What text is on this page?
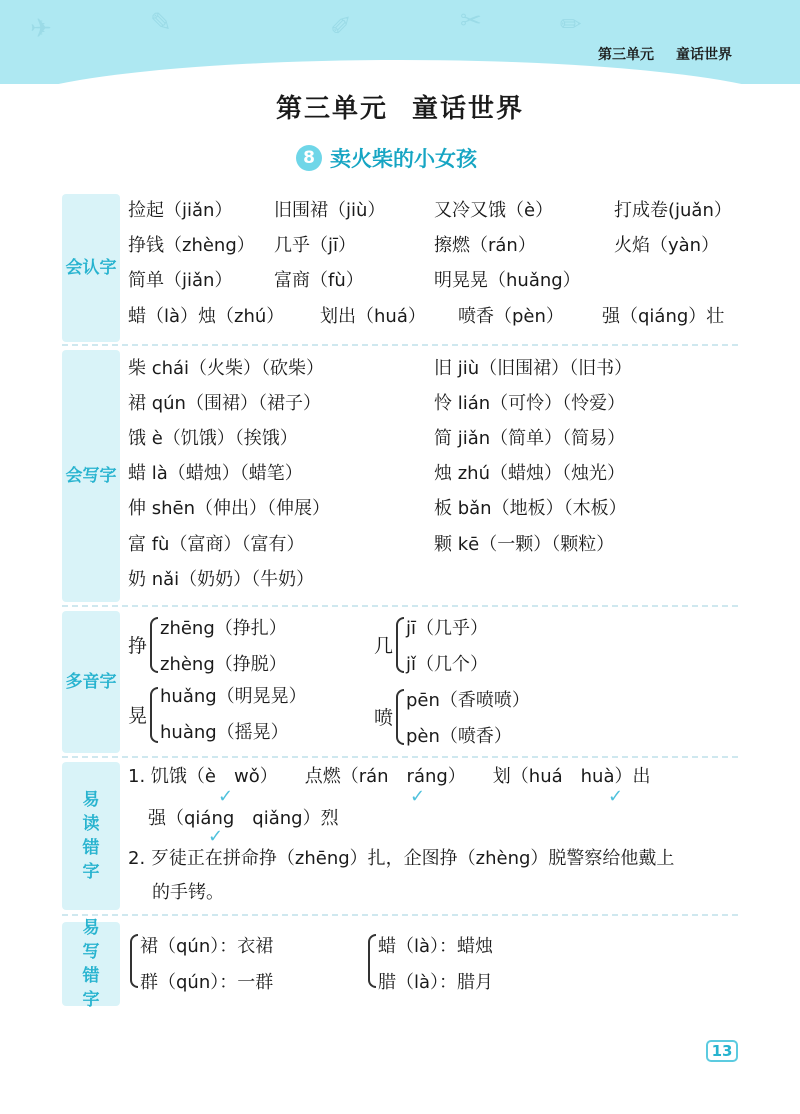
✈	✎	✐	✂	✏
第三单元 童话世界
第三单元 童话世界
8 卖火柴的小女孩
会认字
捡起（jiǎn） 旧围裙（jiù）	又冷又饿（è）	打成卷(juǎn）
挣钱（zhèng） 几乎（jī）	擦燃（rán）	火焰（yàn）
简单（jiǎn） 富商（fù）	明晃晃（huǎng）
蜡（là）烛（zhú） 划出（huá） 喷香（pèn） 强（qiáng）壮
会写字
柴 chái（火柴）（砍柴）	旧 jiù（旧围裙）（旧书）
裙 qún（围裙）（裙子）	怜 lián（可怜）（怜爱）
饿 è（饥饿）（挨饿）	简 jiǎn（简单）（简易）
蜡 là（蜡烛）（蜡笔）	烛 zhú（蜡烛）（烛光）
伸 shēn（伸出）（伸展）	板 bǎn（地板）（木板）
富 fù（富商）（富有）	颗 kē（一颗）（颗粒）
奶 nǎi（奶奶）（牛奶）
多音字
挣
zhēng（挣扎）
zhèng（挣脱）
几
jī（几乎）
jǐ（几个）
晃
huǎng（明晃晃）
huàng（摇晃）
喷
pēn（香喷喷）
pèn（喷香）
易读
错字
1. 饥饿（è　wǒ）　　点燃（rán　ráng）　　划（huá　huà）出
强（qiáng　qiǎng）烈
2. 歹徒正在拼命挣（zhēng）扎，企图挣（zhèng）脱警察给他戴上
的手铐。
✓	✓	✓
✓
易写
错字
裙（qún）：衣裙
群（qún）：一群
蜡（là）：蜡烛
腊（là）：腊月
13
